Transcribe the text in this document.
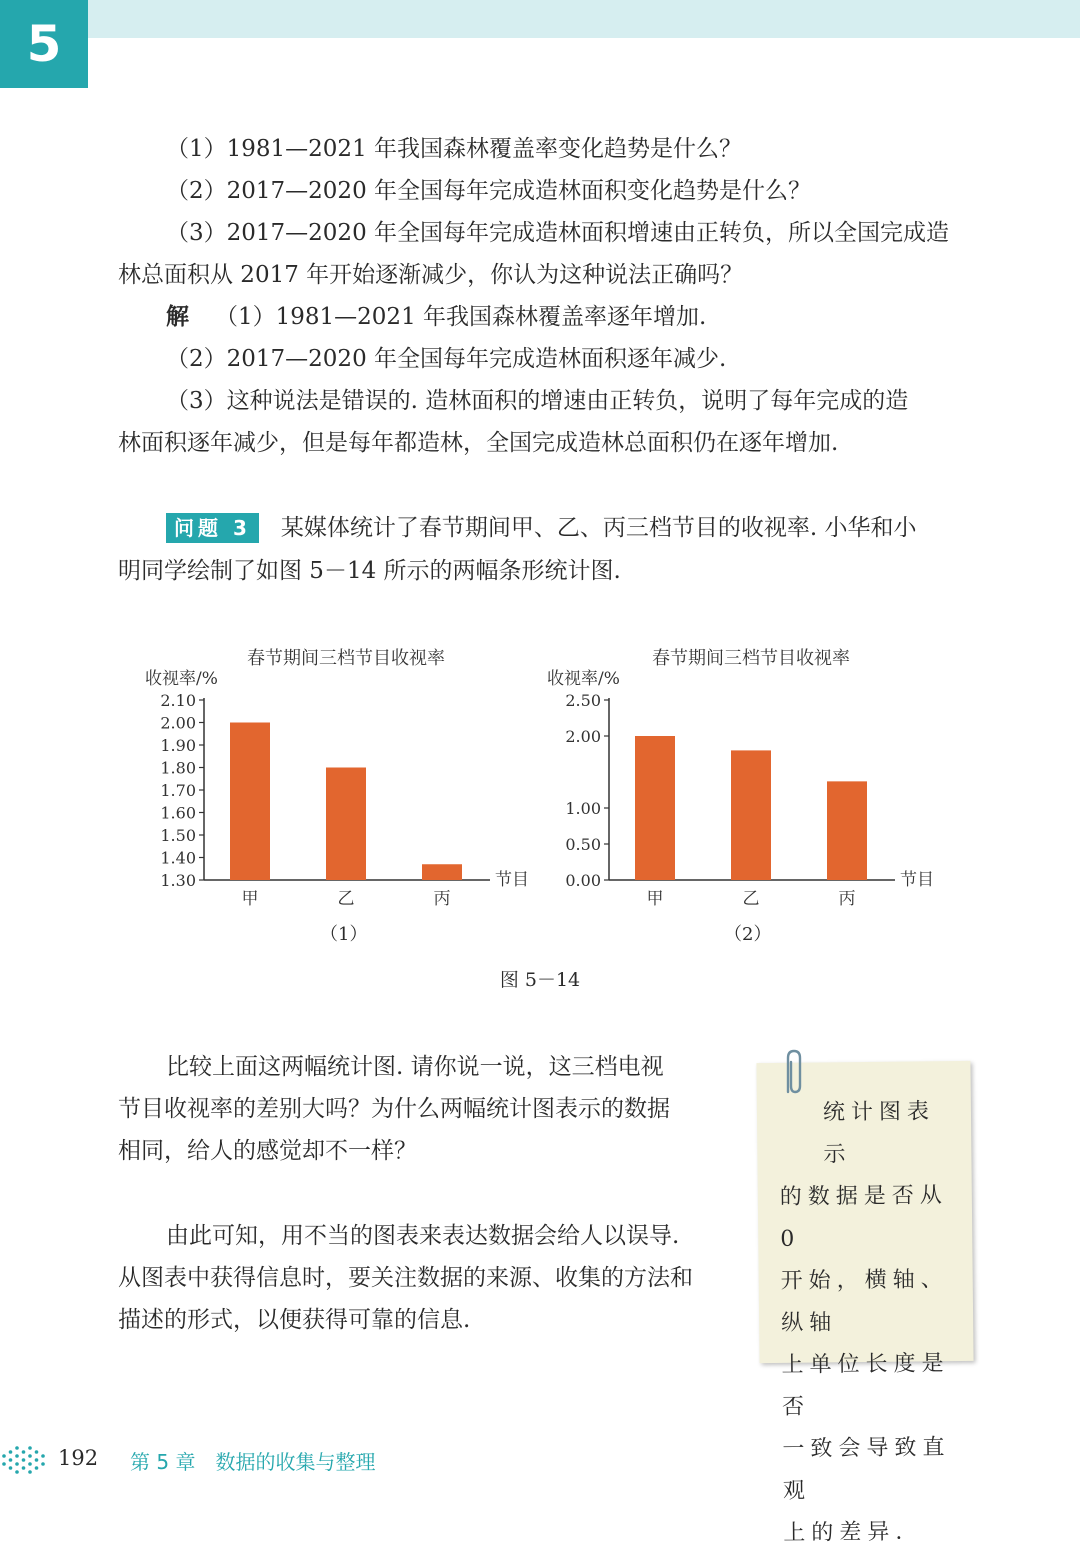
5
（1）1981—2021 年我国森林覆盖率变化趋势是什么？
（2）2017—2020 年全国每年完成造林面积变化趋势是什么？
（3）2017—2020 年全国每年完成造林面积增速由正转负，所以全国完成造
林总面积从 2017 年开始逐渐减少，你认为这种说法正确吗？
解 （1）1981—2021 年我国森林覆盖率逐年增加.
（2）2017—2020 年全国每年完成造林面积逐年减少.
（3）这种说法是错误的. 造林面积的增速由正转负，说明了每年完成的造
林面积逐年减少，但是每年都造林，全国完成造林总面积仍在逐年增加.
问题 3 某媒体统计了春节期间甲、乙、丙三档节目的收视率. 小华和小
明同学绘制了如图 5－14 所示的两幅条形统计图.
春节期间三档节目收视率
收视率/%
节目
1.30
1.40
1.50
1.60
1.70
1.80
1.90
2.00
2.10
甲	乙	丙
春节期间三档节目收视率
收视率/%
节目
0.00
0.50
1.00
2.00
2.50
甲	乙	丙
（1）	（2）
图 5－14
比较上面这两幅统计图. 请你说一说，这三档电视
节目收视率的差别大吗？为什么两幅统计图表示的数据
相同，给人的感觉却不一样？
由此可知，用不当的图表来表达数据会给人以误导.
从图表中获得信息时，要关注数据的来源、收集的方法和
描述的形式，以便获得可靠的信息.
统计图表示
的数据是否从 0
开始，横轴、纵轴
上单位长度是否
一致会导致直观
上的差异.
192 第 5 章　数据的收集与整理
